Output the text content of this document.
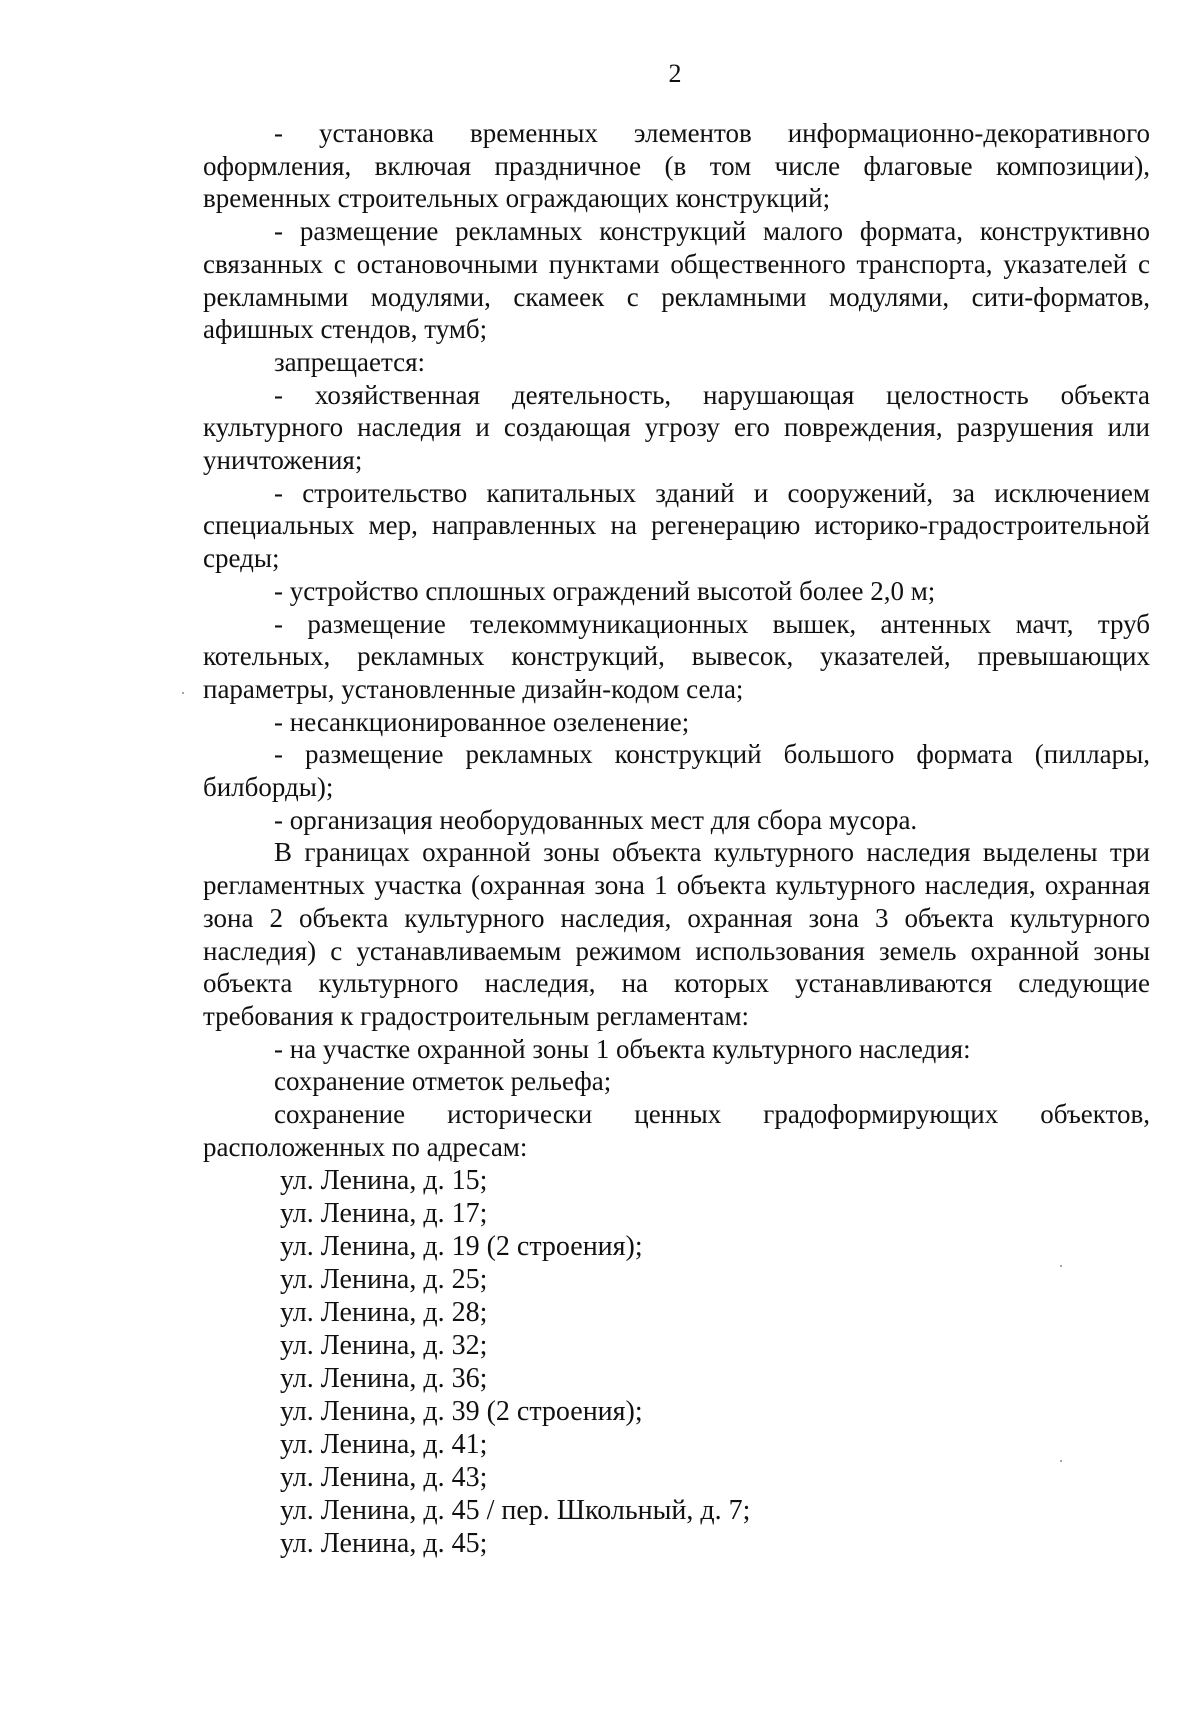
2

- установка временных элементов информационно-декоративного оформления, включая праздничное (в том числе флаговые композиции), временных строительных ограждающих конструкций;

- размещение рекламных конструкций малого формата, конструктивно связанных с остановочными пунктами общественного транспорта, указателей с рекламными модулями, скамеек с рекламными модулями, сити-форматов, афишных стендов, тумб;

запрещается:

- хозяйственная деятельность, нарушающая целостность объекта культурного наследия и создающая угрозу его повреждения, разрушения или уничтожения;

- строительство капитальных зданий и сооружений, за исключением специальных мер, направленных на регенерацию историко-градостроительной среды;

- устройство сплошных ограждений высотой более 2,0 м;

- размещение телекоммуникационных вышек, антенных мачт, труб котельных, рекламных конструкций, вывесок, указателей, превышающих параметры, установленные дизайн-кодом села;

- несанкционированное озеленение;

- размещение рекламных конструкций большого формата (пиллары, билборды);

- организация необорудованных мест для сбора мусора.

В границах охранной зоны объекта культурного наследия выделены три регламентных участка (охранная зона 1 объекта культурного наследия, охранная зона 2 объекта культурного наследия, охранная зона 3 объекта культурного наследия) с устанавливаемым режимом использования земель охранной зоны объекта культурного наследия, на которых устанавливаются следующие требования к градостроительным регламентам:

- на участке охранной зоны 1 объекта культурного наследия:

сохранение отметок рельефа;

сохранение исторически ценных градоформирующих объектов, расположенных по адресам:

ул. Ленина, д. 15;

ул. Ленина, д. 17;

ул. Ленина, д. 19 (2 строения);

ул. Ленина, д. 25;

ул. Ленина, д. 28;

ул. Ленина, д. 32;

ул. Ленина, д. 36;

ул. Ленина, д. 39 (2 строения);

ул. Ленина, д. 41;

ул. Ленина, д. 43;

ул. Ленина, д. 45 / пер. Школьный, д. 7;

ул. Ленина, д. 45;
